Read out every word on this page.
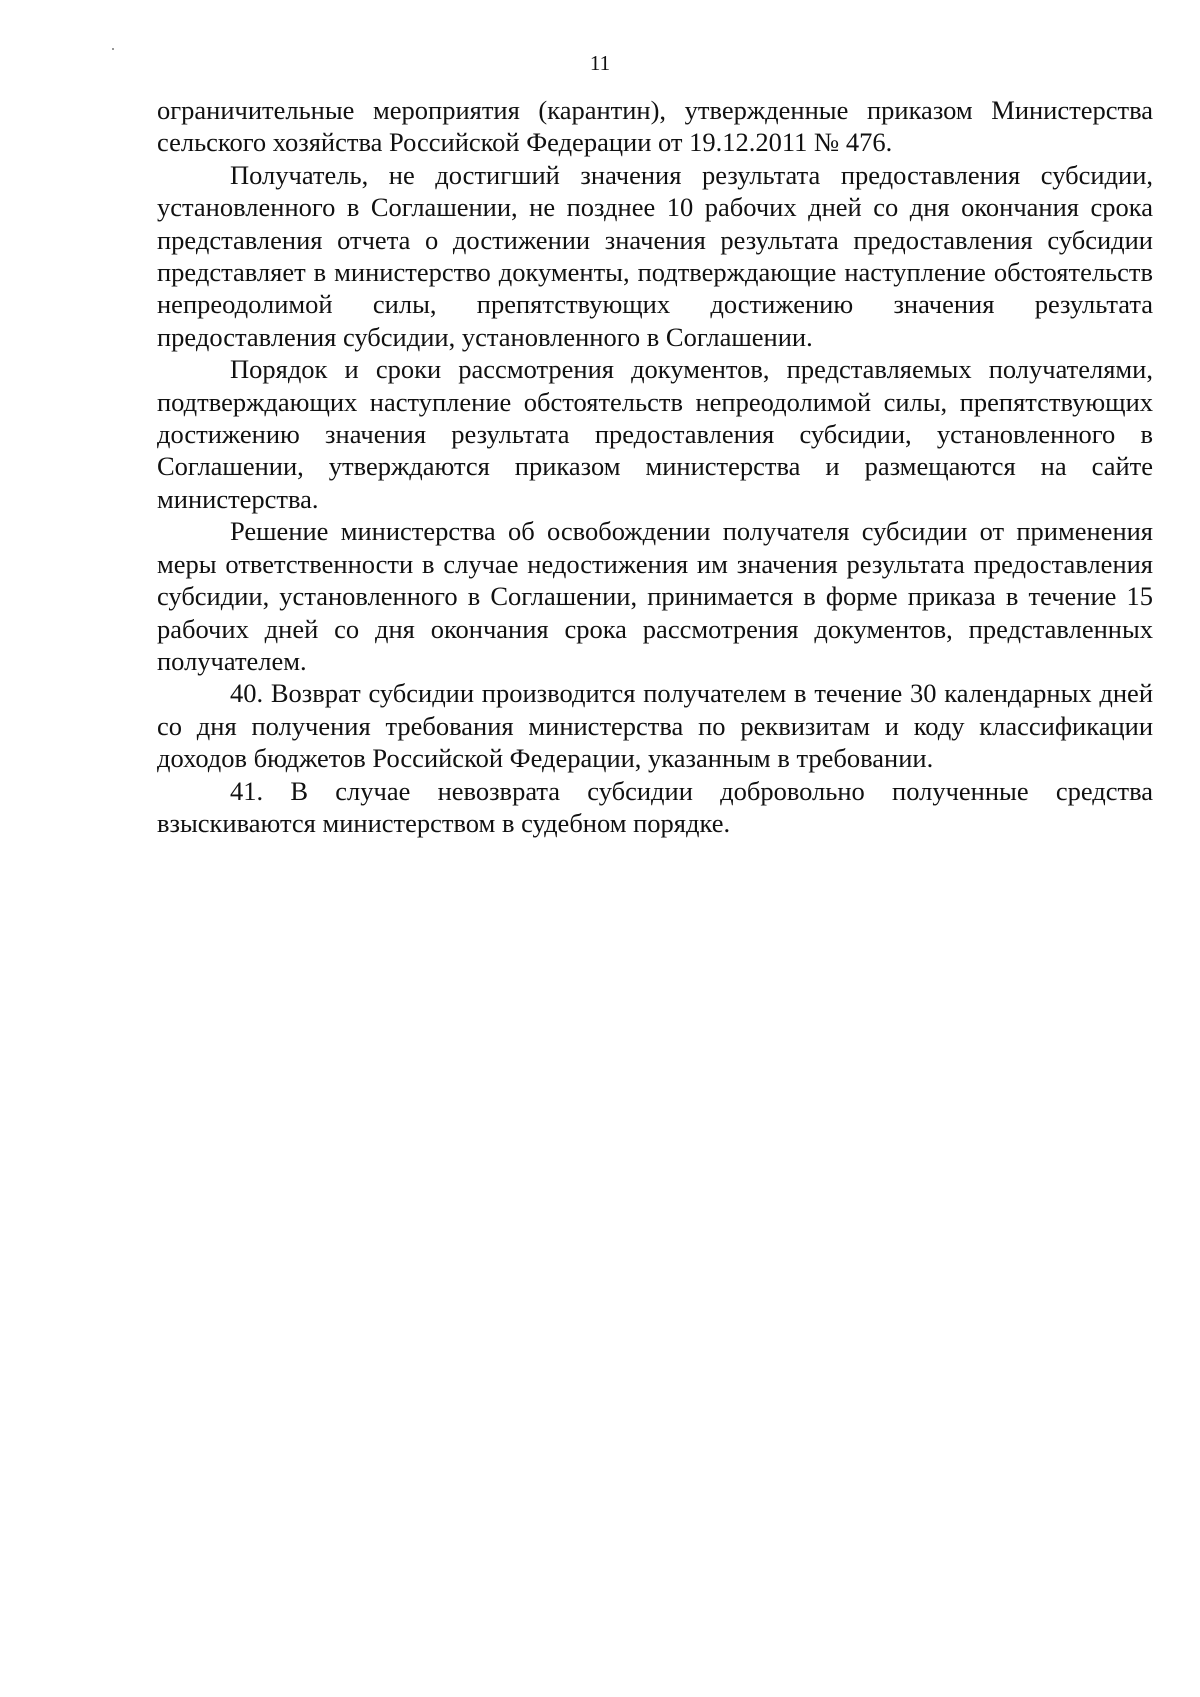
11

ограничительные мероприятия (карантин), утвержденные приказом Министерства сельского хозяйства Российской Федерации от 19.12.2011 № 476.

Получатель, не достигший значения результата предоставления субсидии, установленного в Соглашении, не позднее 10 рабочих дней со дня окончания срока представления отчета о достижении значения результата предоставления субсидии представляет в министерство документы, подтверждающие наступление обстоятельств непреодолимой силы, препятствующих достижению значения результата предоставления субсидии, установленного в Соглашении.

Порядок и сроки рассмотрения документов, представляемых получателями, подтверждающих наступление обстоятельств непреодолимой силы, препятствующих достижению значения результата предоставления субсидии, установленного в Соглашении, утверждаются приказом министерства и размещаются на сайте министерства.

Решение министерства об освобождении получателя субсидии от применения меры ответственности в случае недостижения им значения результата предоставления субсидии, установленного в Соглашении, принимается в форме приказа в течение 15 рабочих дней со дня окончания срока рассмотрения документов, представленных получателем.

40. Возврат субсидии производится получателем в течение 30 календарных дней со дня получения требования министерства по реквизитам и коду классификации доходов бюджетов Российской Федерации, указанным в требовании.

41. В случае невозврата субсидии добровольно полученные средства взыскиваются министерством в судебном порядке.
